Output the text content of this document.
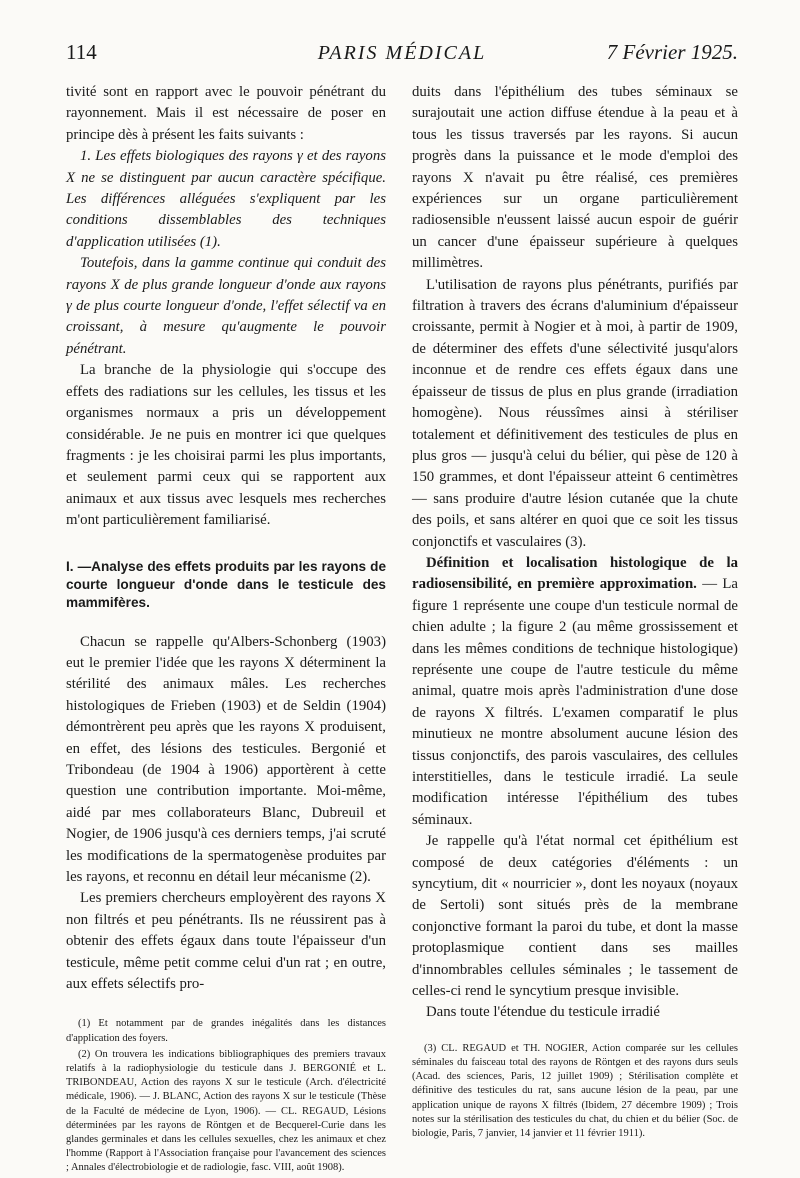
114	PARIS MÉDICAL	7 Février 1925.

tivité sont en rapport avec le pouvoir pénétrant du rayonnement. Mais il est nécessaire de poser en principe dès à présent les faits suivants :

1. Les effets biologiques des rayons γ et des rayons X ne se distinguent par aucun caractère spécifique. Les différences alléguées s'expliquent par les conditions dissemblables des techniques d'application utilisées (1).

Toutefois, dans la gamme continue qui conduit des rayons X de plus grande longueur d'onde aux rayons γ de plus courte longueur d'onde, l'effet sélectif va en croissant, à mesure qu'augmente le pouvoir pénétrant.

La branche de la physiologie qui s'occupe des effets des radiations sur les cellules, les tissus et les organismes normaux a pris un développement considérable. Je ne puis en montrer ici que quelques fragments : je les choisirai parmi les plus importants, et seulement parmi ceux qui se rapportent aux animaux et aux tissus avec lesquels mes recherches m'ont particulièrement familiarisé.

I. —Analyse des effets produits par les rayons de courte longueur d'onde dans le testicule des mammifères.

Chacun se rappelle qu'Albers-Schonberg (1903) eut le premier l'idée que les rayons X déterminent la stérilité des animaux mâles. Les recherches histologiques de Frieben (1903) et de Seldin (1904) démontrèrent peu après que les rayons X produisent, en effet, des lésions des testicules. Bergonié et Tribondeau (de 1904 à 1906) apportèrent à cette question une contribution importante. Moi-même, aidé par mes collaborateurs Blanc, Dubreuil et Nogier, de 1906 jusqu'à ces derniers temps, j'ai scruté les modifications de la spermatogenèse produites par les rayons, et reconnu en détail leur mécanisme (2).

Les premiers chercheurs employèrent des rayons X non filtrés et peu pénétrants. Ils ne réussirent pas à obtenir des effets égaux dans toute l'épaisseur d'un testicule, même petit comme celui d'un rat ; en outre, aux effets sélectifs pro-

(1) Et notamment par de grandes inégalités dans les distances d'application des foyers.

(2) On trouvera les indications bibliographiques des premiers travaux relatifs à la radiophysiologie du testicule dans J. BERGONIÉ et L. TRIBONDEAU, Action des rayons X sur le testicule (Arch. d'électricité médicale, 1906). — J. BLANC, Action des rayons X sur le testicule (Thèse de la Faculté de médecine de Lyon, 1906). — CL. REGAUD, Lésions déterminées par les rayons de Röntgen et de Becquerel-Curie dans les glandes germinales et dans les cellules sexuelles, chez les animaux et chez l'homme (Rapport à l'Association française pour l'avancement des sciences ; Annales d'électrobiologie et de radiologie, fasc. VIII, août 1908).

duits dans l'épithélium des tubes séminaux se surajoutait une action diffuse étendue à la peau et à tous les tissus traversés par les rayons. Si aucun progrès dans la puissance et le mode d'emploi des rayons X n'avait pu être réalisé, ces premières expériences sur un organe particulièrement radiosensible n'eussent laissé aucun espoir de guérir un cancer d'une épaisseur supérieure à quelques millimètres.

L'utilisation de rayons plus pénétrants, purifiés par filtration à travers des écrans d'aluminium d'épaisseur croissante, permit à Nogier et à moi, à partir de 1909, de déterminer des effets d'une sélectivité jusqu'alors inconnue et de rendre ces effets égaux dans une épaisseur de tissus de plus en plus grande (irradiation homogène). Nous réussîmes ainsi à stériliser totalement et définitivement des testicules de plus en plus gros — jusqu'à celui du bélier, qui pèse de 120 à 150 grammes, et dont l'épaisseur atteint 6 centimètres — sans produire d'autre lésion cutanée que la chute des poils, et sans altérer en quoi que ce soit les tissus conjonctifs et vasculaires (3).

Définition et localisation histologique de la radiosensibilité, en première approximation. — La figure 1 représente une coupe d'un testicule normal de chien adulte ; la figure 2 (au même grossissement et dans les mêmes conditions de technique histologique) représente une coupe de l'autre testicule du même animal, quatre mois après l'administration d'une dose de rayons X filtrés. L'examen comparatif le plus minutieux ne montre absolument aucune lésion des tissus conjonctifs, des parois vasculaires, des cellules interstitielles, dans le testicule irradié. La seule modification intéresse l'épithélium des tubes séminaux.

Je rappelle qu'à l'état normal cet épithélium est composé de deux catégories d'éléments : un syncytium, dit « nourricier », dont les noyaux (noyaux de Sertoli) sont situés près de la membrane conjonctive formant la paroi du tube, et dont la masse protoplasmique contient dans ses mailles d'innombrables cellules séminales ; le tassement de celles-ci rend le syncytium presque invisible.

Dans toute l'étendue du testicule irradié

(3) CL. REGAUD et TH. NOGIER, Action comparée sur les cellules séminales du faisceau total des rayons de Röntgen et des rayons durs seuls (Acad. des sciences, Paris, 12 juillet 1909) ; Stérilisation complète et définitive des testicules du rat, sans aucune lésion de la peau, par une application unique de rayons X filtrés (Ibidem, 27 décembre 1909) ; Trois notes sur la stérilisation des testicules du chat, du chien et du bélier (Soc. de biologie, Paris, 7 janvier, 14 janvier et 11 février 1911).
